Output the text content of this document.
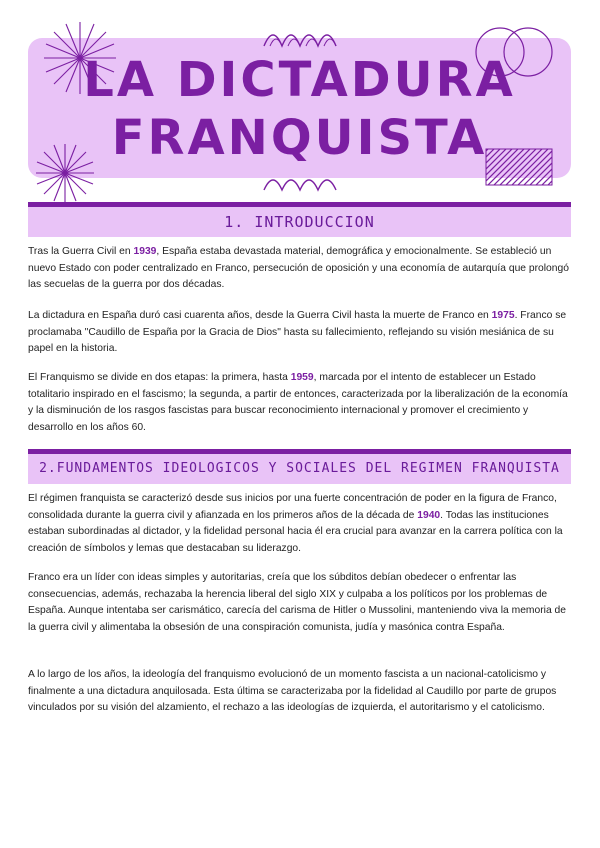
LA DICTADURA
FRANQUISTA
1. INTRODUCCION

Tras la Guerra Civil en 1939, España estaba devastada material, demográfica y emocionalmente. Se estableció un nuevo Estado con poder centralizado en Franco, persecución de oposición y una economía de autarquía que prolongó las secuelas de la guerra por dos décadas.

La dictadura en España duró casi cuarenta años, desde la Guerra Civil hasta la muerte de Franco en 1975. Franco se proclamaba "Caudillo de España por la Gracia de Dios" hasta su fallecimiento, reflejando su visión mesiánica de su papel en la historia.

El Franquismo se divide en dos etapas: la primera, hasta 1959, marcada por el intento de establecer un Estado totalitario inspirado en el fascismo; la segunda, a partir de entonces, caracterizada por la liberalización de la economía y la disminución de los rasgos fascistas para buscar reconocimiento internacional y promover el crecimiento y desarrollo en los años 60.

2.FUNDAMENTOS IDEOLOGICOS Y SOCIALES DEL REGIMEN FRANQUISTA

El régimen franquista se caracterizó desde sus inicios por una fuerte concentración de poder en la figura de Franco, consolidada durante la guerra civil y afianzada en los primeros años de la década de 1940. Todas las instituciones estaban subordinadas al dictador, y la fidelidad personal hacia él era crucial para avanzar en la carrera política con la creación de símbolos y lemas que destacaban su liderazgo.

Franco era un líder con ideas simples y autoritarias, creía que los súbditos debían obedecer o enfrentar las consecuencias, además, rechazaba la herencia liberal del siglo XIX y culpaba a los políticos por los problemas de España. Aunque intentaba ser carismático, carecía del carisma de Hitler o Mussolini, manteniendo viva la memoria de la guerra civil y alimentaba la obsesión de una conspiración comunista, judía y masónica contra España.

A lo largo de los años, la ideología del franquismo evolucionó de un momento fascista a un nacional-catolicismo y finalmente a una dictadura anquilosada. Esta última se caracterizaba por la fidelidad al Caudillo por parte de grupos vinculados por su visión del alzamiento, el rechazo a las ideologías de izquierda, el autoritarismo y el catolicismo.
